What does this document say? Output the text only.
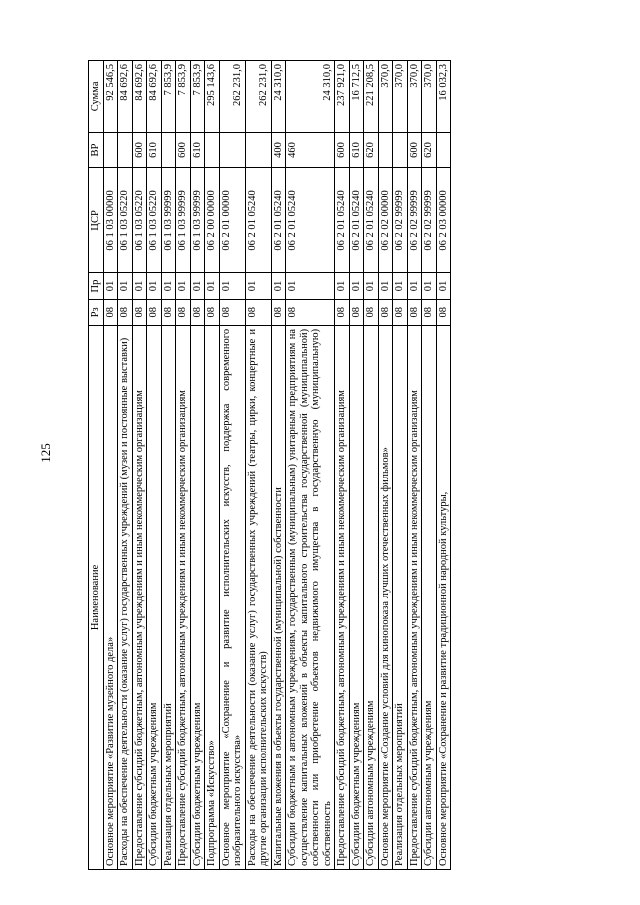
125
Наименование	Рз	Пр	ЦСР	ВР	Сумма
Основное мероприятие «Развитие музейного дела»	08	01	06 1 03 00000		92 546,5
Расходы на обеспечение деятельности (оказание услуг) государственных учреждений (музеи и постоянные выставки)	08	01	06 1 03 05220		84 692,6
Предоставление субсидий бюджетным, автономным учреждениям и иным некоммерческим организациям	08	01	06 1 03 05220	600	84 692,6
Субсидии бюджетным учреждениям	08	01	06 1 03 05220	610	84 692,6
Реализация отдельных мероприятий	08	01	06 1 03 99999		7 853,9
Предоставление субсидий бюджетным, автономным учреждениям и иным некоммерческим организациям	08	01	06 1 03 99999	600	7 853,9
Субсидии бюджетным учреждениям	08	01	06 1 03 99999	610	7 853,9
Подпрограмма «Искусство»	08	01	06 2 00 00000		295 143,6
Основное мероприятие «Сохранение и развитие исполнительских искусств, поддержка современного изобразительного искусства»	08	01	06 2 01 00000		262 231,0
Расходы на обеспечение деятельности (оказание услуг) государственных учреждений (театры, цирки, концертные и другие организации исполнительских искусств)	08	01	06 2 01 05240		262 231,0
Капитальные вложения в объекты государственной (муниципальной) собственности	08	01	06 2 01 05240	400	24 310,0
Субсидии бюджетным и автономным учреждениям, государственным (муниципальным) унитарным предприятиям на осуществление капитальных вложений в объекты капитального строительства государственной (муниципальной) собственности или приобретение объектов недвижимого имущества в государственную (муниципальную) собственность	08	01	06 2 01 05240	460	24 310,0
Предоставление субсидий бюджетным, автономным учреждениям и иным некоммерческим организациям	08	01	06 2 01 05240	600	237 921,0
Субсидии бюджетным учреждениям	08	01	06 2 01 05240	610	16 712,5
Субсидии автономным учреждениям	08	01	06 2 01 05240	620	221 208,5
Основное мероприятие «Создание условий для кинопоказа лучших отечественных фильмов»	08	01	06 2 02 00000		370,0
Реализация отдельных мероприятий	08	01	06 2 02 99999		370,0
Предоставление субсидий бюджетным, автономным учреждениям и иным некоммерческим организациям	08	01	06 2 02 99999	600	370,0
Субсидии автономным учреждениям	08	01	06 2 02 99999	620	370,0
Основное мероприятие «Сохранение и развитие традиционной народной культуры,	08	01	06 2 03 00000		16 032,3
